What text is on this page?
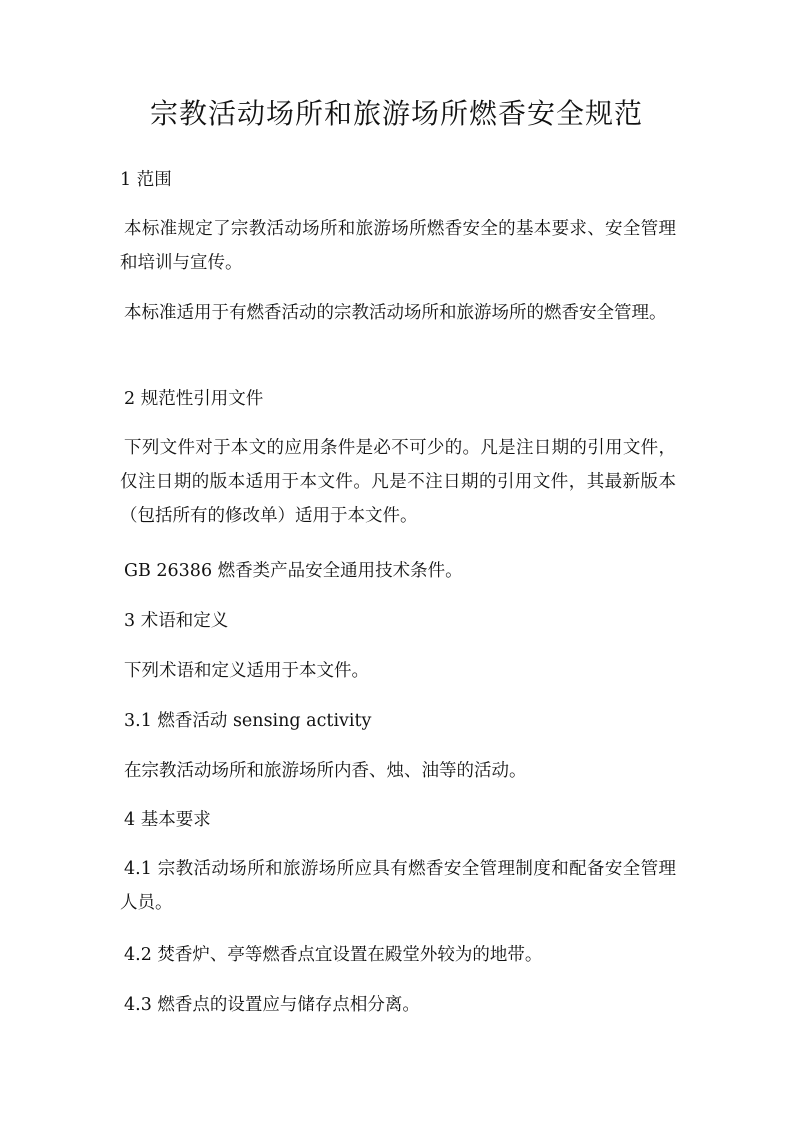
宗教活动场所和旅游场所燃香安全规范

1 范围

本标准规定了宗教活动场所和旅游场所燃香安全的基本要求、安全管理和培训与宣传。

本标准适用于有燃香活动的宗教活动场所和旅游场所的燃香安全管理。

2 规范性引用文件

下列文件对于本文的应用条件是必不可少的。凡是注日期的引用文件，仅注日期的版本适用于本文件。凡是不注日期的引用文件，其最新版本（包括所有的修改单）适用于本文件。

GB 26386 燃香类产品安全通用技术条件。

3 术语和定义

下列术语和定义适用于本文件。

3.1 燃香活动 sensing activity

在宗教活动场所和旅游场所内香、烛、油等的活动。

4 基本要求

4.1 宗教活动场所和旅游场所应具有燃香安全管理制度和配备安全管理人员。

4.2 焚香炉、亭等燃香点宜设置在殿堂外较为的地带。

4.3 燃香点的设置应与储存点相分离。
